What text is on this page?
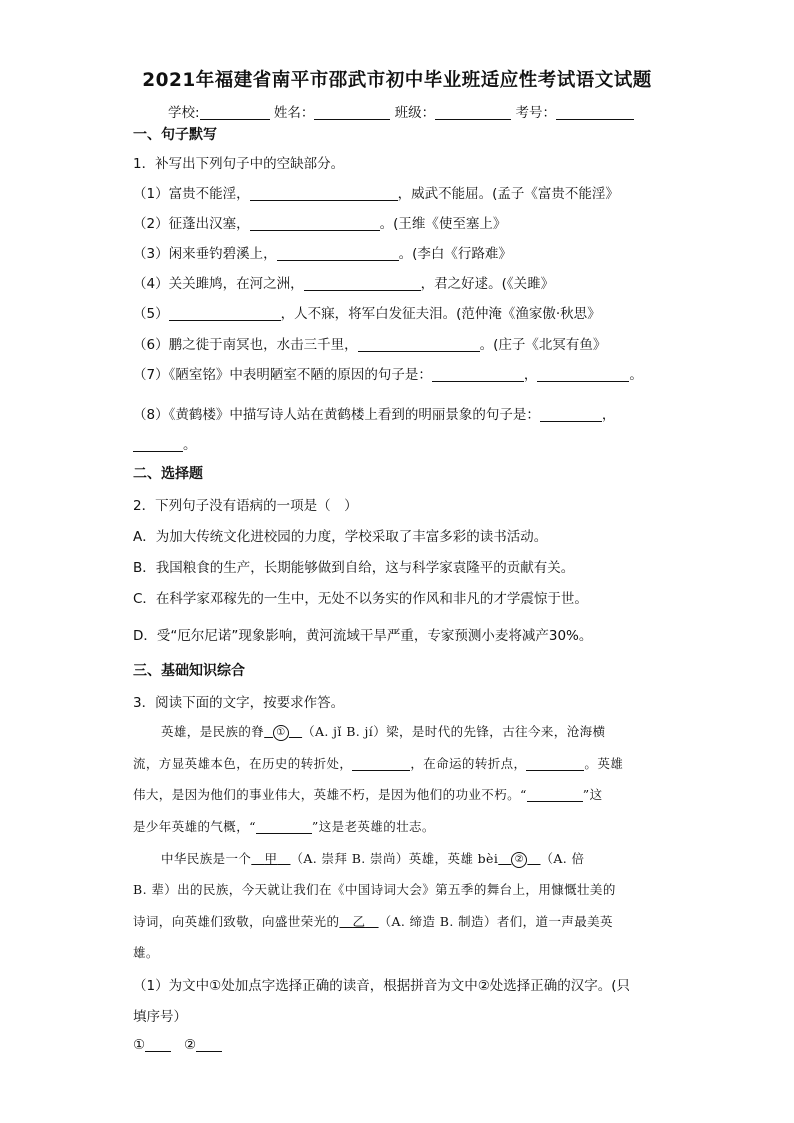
2021年福建省南平市邵武市初中毕业班适应性考试语文试题
学校:	姓名：	班级：	考号：
一、句子默写
1．补写出下列句子中的空缺部分。
（1）富贵不能淫，	，威武不能屈。(孟子《富贵不能淫》
（2）征蓬出汉塞，	。(王维《使至塞上》
（3）闲来垂钓碧溪上，	。(李白《行路难》
（4）关关雎鸠，在河之洲，	，君之好逑。(《关雎》
（5）	，人不寐，将军白发征夫泪。(范仲淹《渔家傲·秋思》
（6）鹏之徙于南冥也，水击三千里，	。(庄子《北冥有鱼》
（7）《陋室铭》中表明陋室不陋的原因的句子是：	，	。
（8）《黄鹤楼》中描写诗人站在黄鹤楼上看到的明丽景象的句子是：	，
。
二、选择题
2．下列句子没有语病的一项是（　）
A．为加大传统文化进校园的力度，学校采取了丰富多彩的读书活动。
B．我国粮食的生产，长期能够做到自给，这与科学家袁隆平的贡献有关。
C．在科学家邓稼先的一生中，无处不以务实的作风和非凡的才学震惊于世。
D．受“厄尔尼诺”现象影响，黄河流域干旱严重，专家预测小麦将减产30%。
三、基础知识综合
3．阅读下面的文字，按要求作答。
英雄，是民族的脊 ① （A. jǐ B. jí）梁，是时代的先锋，古往今来，沧海横
流，方显英雄本色，在历史的转折处，	，在命运的转折点，	。英雄
伟大，是因为他们的事业伟大，英雄不朽，是因为他们的功业不朽。“	”这
是少年英雄的气概，“	”这是老英雄的壮志。
中华民族是一个 甲 （A. 崇拜 B. 崇尚）英雄，英雄 bèi ② （A. 倍
B. 辈）出的民族，今天就让我们在《中国诗词大会》第五季的舞台上，用慷慨壮美的
诗词，向英雄们致敬，向盛世荣光的 乙 （A. 缔造 B. 制造）者们，道一声最美英
雄。
（1）为文中①处加点字选择正确的读音，根据拼音为文中②处选择正确的汉字。(只
填序号）
①	②
